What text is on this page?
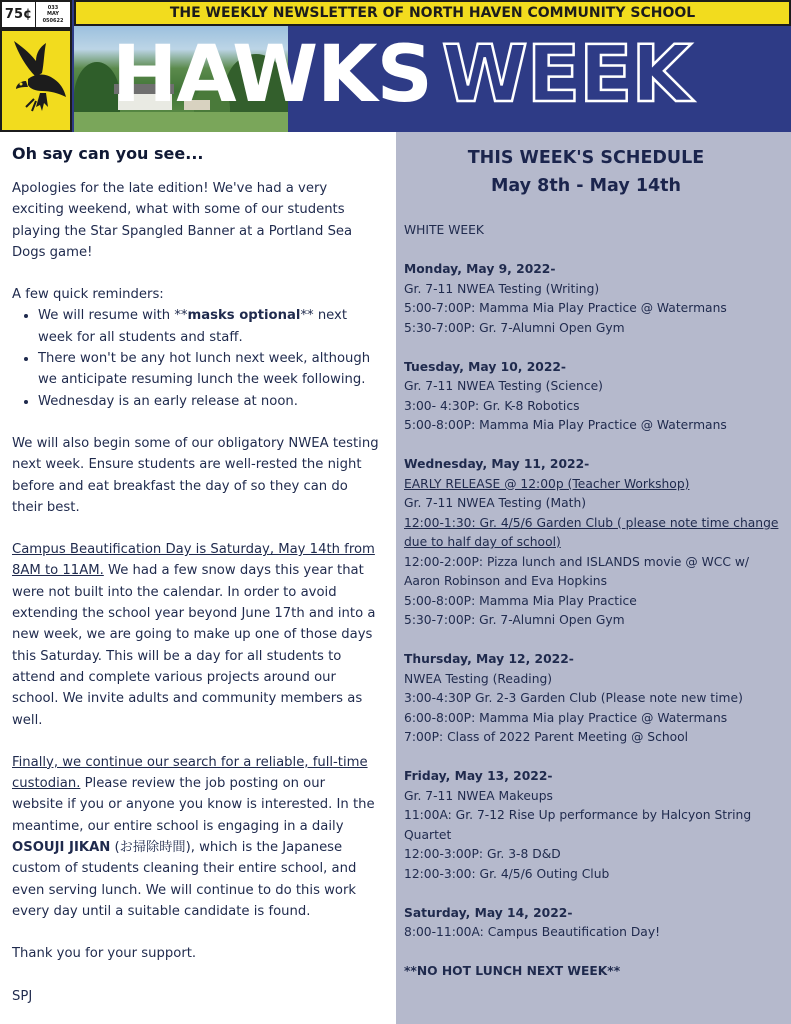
75¢	033
MAY
050622	THE WEEKLY NEWSLETTER OF NORTH HAVEN COMMUNITY SCHOOL
HAWKS WEEK
Oh say can you see...

Apologies for the late edition! We've had a very exciting weekend, what with some of our students playing the Star Spangled Banner at a Portland Sea Dogs game!

A few quick reminders:

• We will resume with **masks optional** next week for all students and staff.
• There won't be any hot lunch next week, although we anticipate resuming lunch the week following.
• Wednesday is an early release at noon.

We will also begin some of our obligatory NWEA testing next week. Ensure students are well-rested the night before and eat breakfast the day of so they can do their best.

Campus Beautification Day is Saturday, May 14th from 8AM to 11AM. We had a few snow days this year that were not built into the calendar. In order to avoid extending the school year beyond June 17th and into a new week, we are going to make up one of those days this Saturday. This will be a day for all students to attend and complete various projects around our school. We invite adults and community members as well.

Finally, we continue our search for a reliable, full-time custodian. Please review the job posting on our website if you or anyone you know is interested. In the meantime, our entire school is engaging in a daily OSOUJI JIKAN (お掃除時間), which is the Japanese custom of students cleaning their entire school, and even serving lunch. We will continue to do this work every day until a suitable candidate is found.

Thank you for your support.

SPJ

THIS WEEK'S SCHEDULE
May 8th - May 14th
WHITE WEEK
Monday, May 9, 2022-
Gr. 7-11 NWEA Testing (Writing)
5:00-7:00P: Mamma Mia Play Practice @ Watermans
5:30-7:00P: Gr. 7-Alumni Open Gym
Tuesday, May 10, 2022-
Gr. 7-11 NWEA Testing (Science)
3:00- 4:30P: Gr. K-8 Robotics
5:00-8:00P: Mamma Mia Play Practice @ Watermans
Wednesday, May 11, 2022-
EARLY RELEASE @ 12:00p (Teacher Workshop)
Gr. 7-11 NWEA Testing (Math)
12:00-1:30: Gr. 4/5/6 Garden Club ( please note time change due to half day of school)
12:00-2:00P: Pizza lunch and ISLANDS movie @ WCC w/ Aaron Robinson and Eva Hopkins
5:00-8:00P: Mamma Mia Play Practice
5:30-7:00P: Gr. 7-Alumni Open Gym
Thursday, May 12, 2022-
NWEA Testing (Reading)
3:00-4:30P Gr. 2-3 Garden Club (Please note new time)
6:00-8:00P: Mamma Mia play Practice @ Watermans
7:00P: Class of 2022 Parent Meeting @ School
Friday, May 13, 2022-
Gr. 7-11 NWEA Makeups
11:00A: Gr. 7-12 Rise Up performance by Halcyon String Quartet
12:00-3:00P: Gr. 3-8 D&D
12:00-3:00: Gr. 4/5/6 Outing Club
Saturday, May 14, 2022-
8:00-11:00A: Campus Beautification Day!
**NO HOT LUNCH NEXT WEEK**
